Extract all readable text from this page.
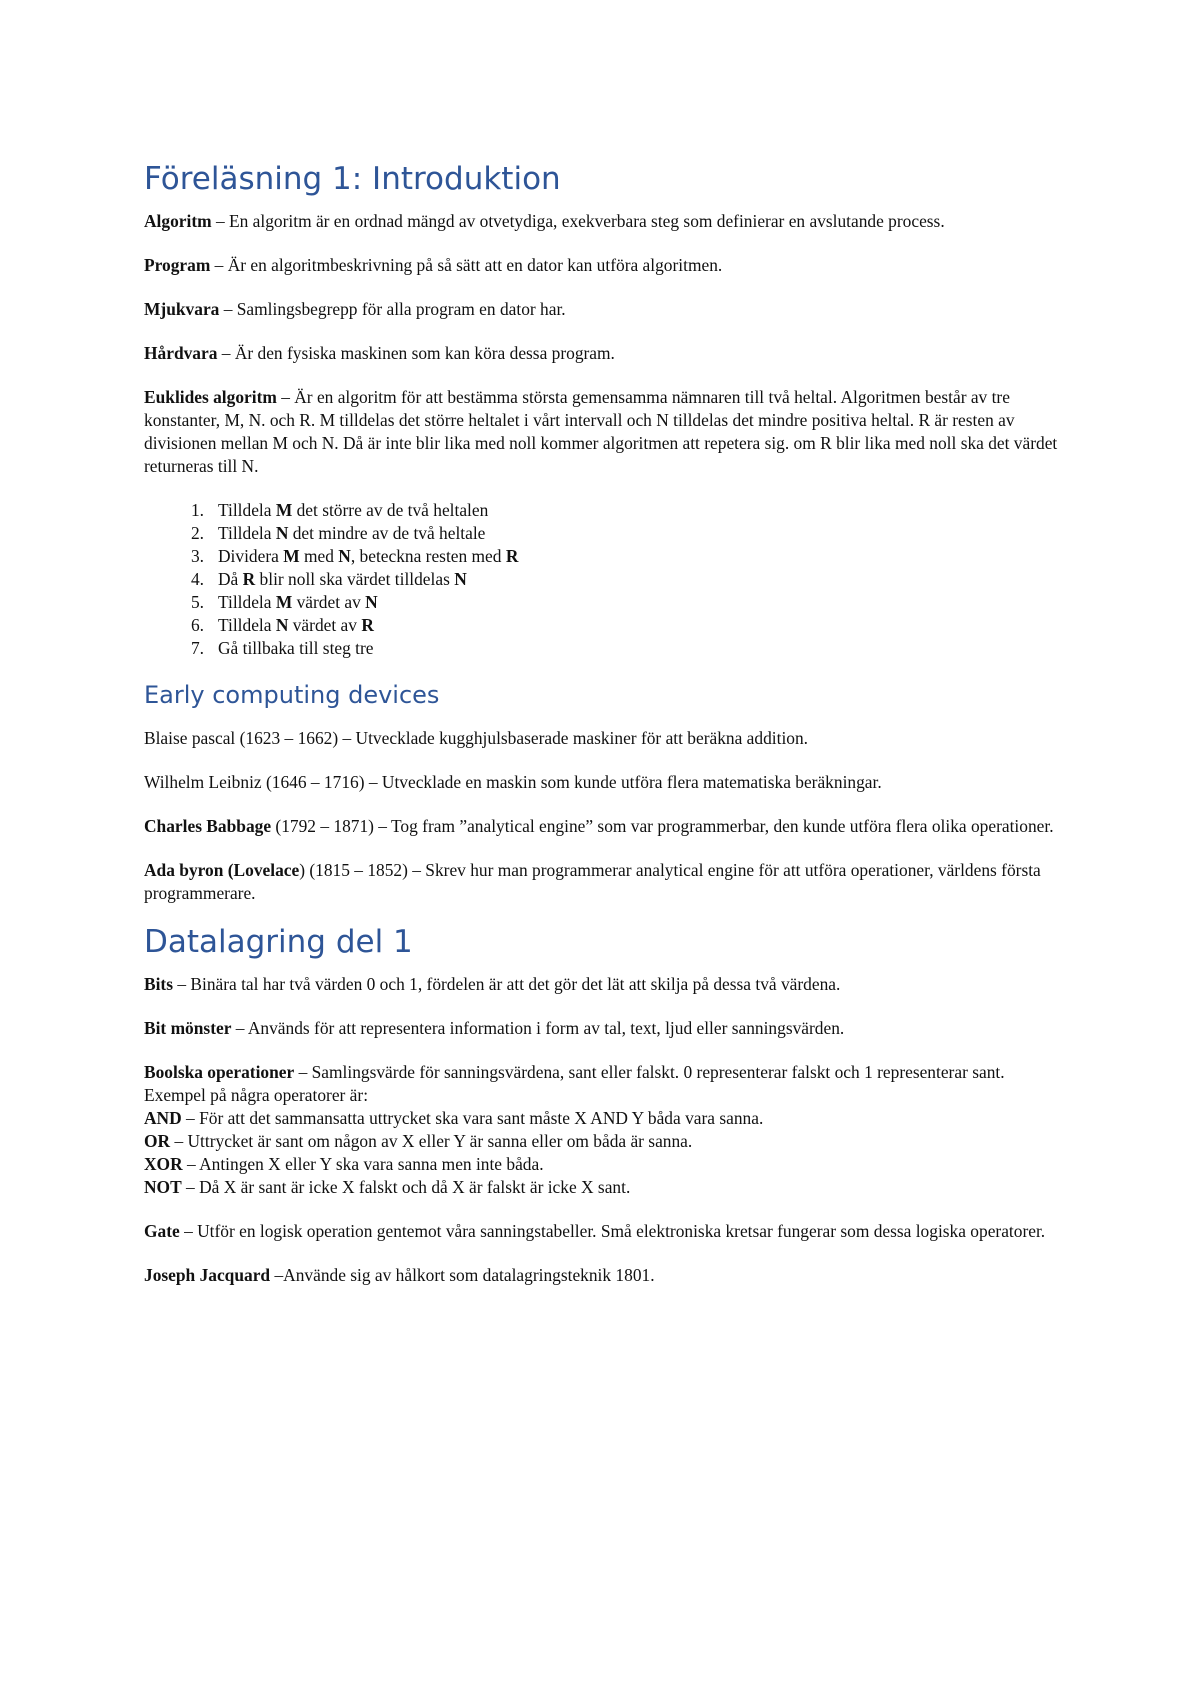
Föreläsning 1: Introduktion

Algoritm – En algoritm är en ordnad mängd av otvetydiga, exekverbara steg som definierar en avslutande process.

Program – Är en algoritmbeskrivning på så sätt att en dator kan utföra algoritmen.

Mjukvara – Samlingsbegrepp för alla program en dator har.

Hårdvara – Är den fysiska maskinen som kan köra dessa program.

Euklides algoritm – Är en algoritm för att bestämma största gemensamma nämnaren till två heltal. Algoritmen består av tre konstanter, M, N. och R. M tilldelas det större heltalet i vårt intervall och N tilldelas det mindre positiva heltal. R är resten av divisionen mellan M och N. Då är inte blir lika med noll kommer algoritmen att repetera sig. om R blir lika med noll ska det värdet returneras till N.

1. Tilldela M det större av de två heltalen
2. Tilldela N det mindre av de två heltale
3. Dividera M med N, beteckna resten med R
4. Då R blir noll ska värdet tilldelas N
5. Tilldela M värdet av N
6. Tilldela N värdet av R
7. Gå tillbaka till steg tre
Early computing devices

Blaise pascal (1623 – 1662) – Utvecklade kugghjulsbaserade maskiner för att beräkna addition.

Wilhelm Leibniz (1646 – 1716) – Utvecklade en maskin som kunde utföra flera matematiska beräkningar.

Charles Babbage (1792 – 1871) – Tog fram ”analytical engine” som var programmerbar, den kunde utföra flera olika operationer.

Ada byron (Lovelace) (1815 – 1852) – Skrev hur man programmerar analytical engine för att utföra operationer, världens första programmerare.

Datalagring del 1

Bits – Binära tal har två värden 0 och 1, fördelen är att det gör det lät att skilja på dessa två värdena.

Bit mönster – Används för att representera information i form av tal, text, ljud eller sanningsvärden.

Boolska operationer – Samlingsvärde för sanningsvärdena, sant eller falskt. 0 representerar falskt och 1 representerar sant. Exempel på några operatorer är:

AND – För att det sammansatta uttrycket ska vara sant måste X AND Y båda vara sanna.

OR – Uttrycket är sant om någon av X eller Y är sanna eller om båda är sanna.

XOR – Antingen X eller Y ska vara sanna men inte båda.

NOT – Då X är sant är icke X falskt och då X är falskt är icke X sant.

Gate – Utför en logisk operation gentemot våra sanningstabeller. Små elektroniska kretsar fungerar som dessa logiska operatorer.

Joseph Jacquard –Använde sig av hålkort som datalagringsteknik 1801.
